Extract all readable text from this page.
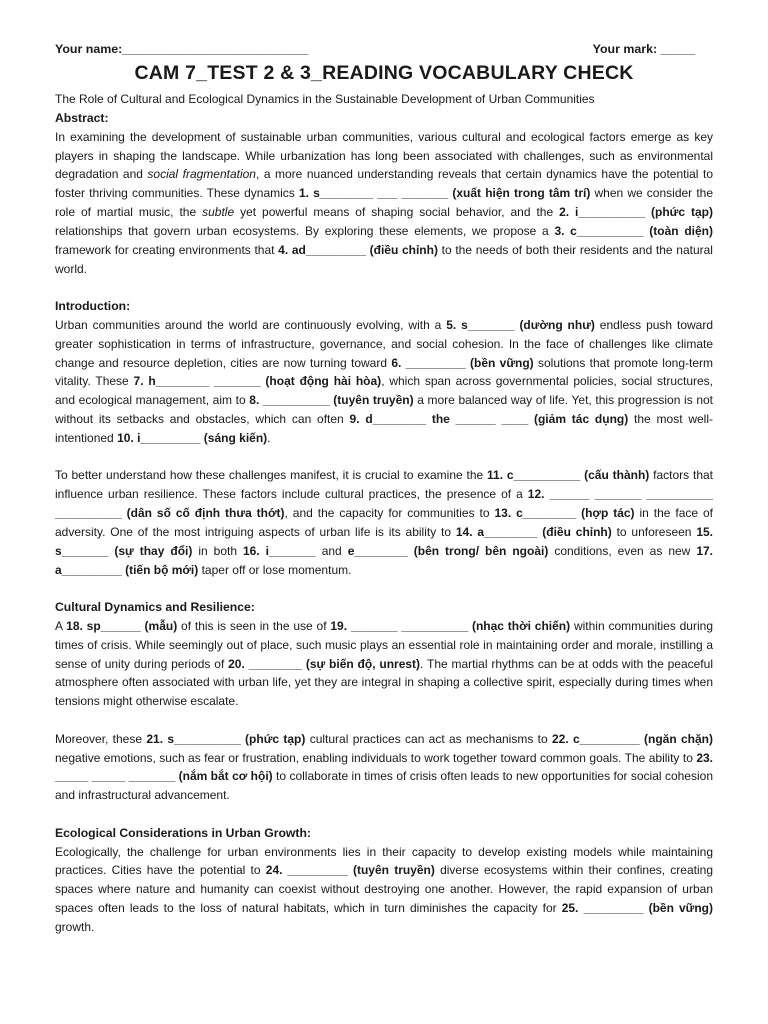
Your name:___________________________	Your mark: _____
CAM 7_TEST 2 & 3_READING VOCABULARY CHECK
The Role of Cultural and Ecological Dynamics in the Sustainable Development of Urban Communities
Abstract:

In examining the development of sustainable urban communities, various cultural and ecological factors emerge as key players in shaping the landscape. While urbanization has long been associated with challenges, such as environmental degradation and social fragmentation, a more nuanced understanding reveals that certain dynamics have the potential to foster thriving communities. These dynamics 1. s________ ___ _______ (xuất hiện trong tâm trí) when we consider the role of martial music, the subtle yet powerful means of shaping social behavior, and the 2. i__________ (phức tạp) relationships that govern urban ecosystems. By exploring these elements, we propose a 3. c__________ (toàn diện) framework for creating environments that 4. ad_________ (điều chỉnh) to the needs of both their residents and the natural world.

Introduction:

Urban communities around the world are continuously evolving, with a 5. s_______ (dường như) endless push toward greater sophistication in terms of infrastructure, governance, and social cohesion. In the face of challenges like climate change and resource depletion, cities are now turning toward 6. _________ (bền vững) solutions that promote long-term vitality. These 7. h________ _______ (hoạt động hài hòa), which span across governmental policies, social structures, and ecological management, aim to 8. __________ (tuyên truyền) a more balanced way of life. Yet, this progression is not without its setbacks and obstacles, which can often 9. d________ the ______ ____ (giảm tác dụng) the most well-intentioned 10. i_________ (sáng kiến).

To better understand how these challenges manifest, it is crucial to examine the 11. c__________ (cấu thành) factors that influence urban resilience. These factors include cultural practices, the presence of a 12. ______ _______ __________ __________ (dân số cố định thưa thớt), and the capacity for communities to 13. c________ (hợp tác) in the face of adversity. One of the most intriguing aspects of urban life is its ability to 14. a________ (điều chỉnh) to unforeseen 15. s_______ (sự thay đổi) in both 16. i_______ and e________ (bên trong/ bên ngoài) conditions, even as new 17. a_________ (tiến bộ mới) taper off or lose momentum.

Cultural Dynamics and Resilience:

A 18. sp______ (mẫu) of this is seen in the use of 19. _______ __________ (nhạc thời chiến) within communities during times of crisis. While seemingly out of place, such music plays an essential role in maintaining order and morale, instilling a sense of unity during periods of 20. ________ (sự biến độ, unrest). The martial rhythms can be at odds with the peaceful atmosphere often associated with urban life, yet they are integral in shaping a collective spirit, especially during times when tensions might otherwise escalate.

Moreover, these 21. s__________ (phức tạp) cultural practices can act as mechanisms to 22. c_________ (ngăn chặn) negative emotions, such as fear or frustration, enabling individuals to work together toward common goals. The ability to 23. _____ _____ _______ (nắm bắt cơ hội) to collaborate in times of crisis often leads to new opportunities for social cohesion and infrastructural advancement.

Ecological Considerations in Urban Growth:

Ecologically, the challenge for urban environments lies in their capacity to develop existing models while maintaining practices. Cities have the potential to 24. _________ (tuyên truyền) diverse ecosystems within their confines, creating spaces where nature and humanity can coexist without destroying one another. However, the rapid expansion of urban spaces often leads to the loss of natural habitats, which in turn diminishes the capacity for 25. _________ (bền vững) growth.
